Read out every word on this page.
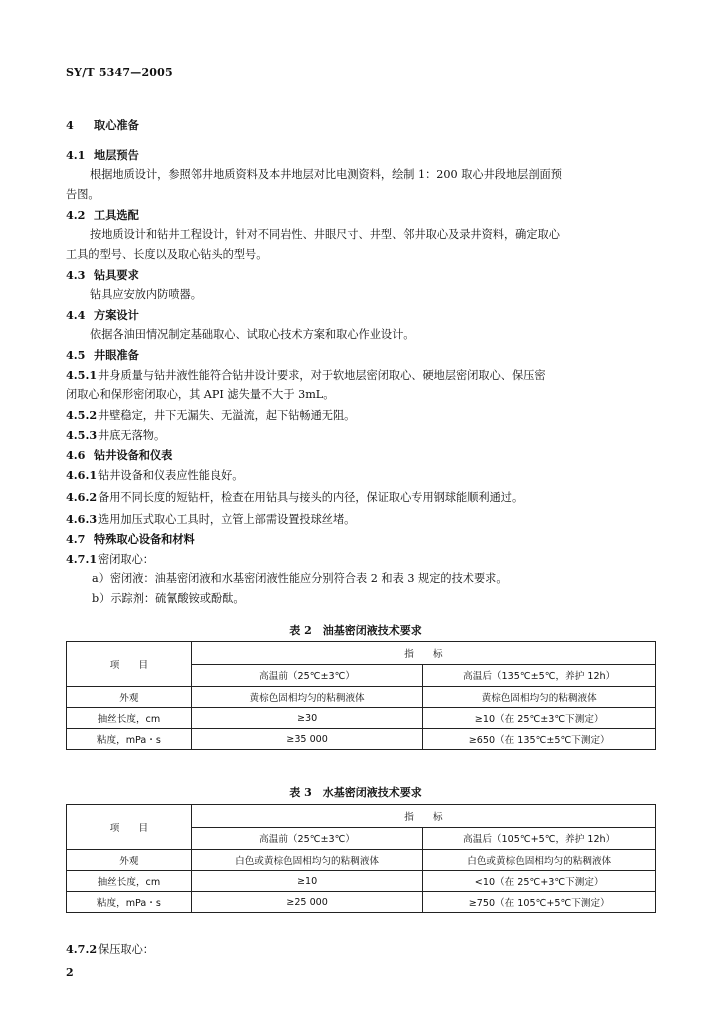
SY/T 5347—2005
4 取心准备
4.1 地层预告
根据地质设计，参照邻井地质资料及本井地层对比电测资料，绘制 1：200 取心井段地层剖面预
告图。
4.2 工具选配
按地质设计和钻井工程设计，针对不同岩性、井眼尺寸、井型、邻井取心及录井资料，确定取心
工具的型号、长度以及取心钻头的型号。
4.3 钻具要求
钻具应安放内防喷器。
4.4 方案设计
依据各油田情况制定基础取心、试取心技术方案和取心作业设计。
4.5 井眼准备
4.5.1井身质量与钻井液性能符合钻井设计要求，对于软地层密闭取心、硬地层密闭取心、保压密
闭取心和保形密闭取心，其 API 滤失量不大于 3mL。
4.5.2井壁稳定，井下无漏失、无溢流，起下钻畅通无阻。
4.5.3井底无落物。
4.6 钻井设备和仪表
4.6.1钻井设备和仪表应性能良好。
4.6.2备用不同长度的短钻杆，检查在用钻具与接头的内径，保证取心专用钢球能顺利通过。
4.6.3选用加压式取心工具时，立管上部需设置投球丝堵。
4.7 特殊取心设备和材料
4.7.1密闭取心：
a）密闭液：油基密闭液和水基密闭液性能应分别符合表 2 和表 3 规定的技术要求。
b）示踪剂：硫氰酸铵或酚酞。
表 2　油基密闭液技术要求
项　　目	指　　标	
	高温前（25℃±3℃）	高温后（135℃±5℃，养护 12h）
外观	黄棕色固相均匀的粘稠液体	黄棕色固相均匀的粘稠液体
抽丝长度，cm	≥30	≥10（在 25℃±3℃下测定）
粘度，mPa・s	≥35 000	≥650（在 135℃±5℃下测定）
表 3　水基密闭液技术要求
项　　目	指　　标	
	高温前（25℃±3℃）	高温后（105℃+5℃，养护 12h）
外观	白色或黄棕色固相均匀的粘稠液体	白色或黄棕色固相均匀的粘稠液体
抽丝长度，cm	≥10	<10（在 25℃+3℃下测定）
粘度，mPa・s	≥25 000	≥750（在 105℃+5℃下测定）
4.7.2保压取心：
2
